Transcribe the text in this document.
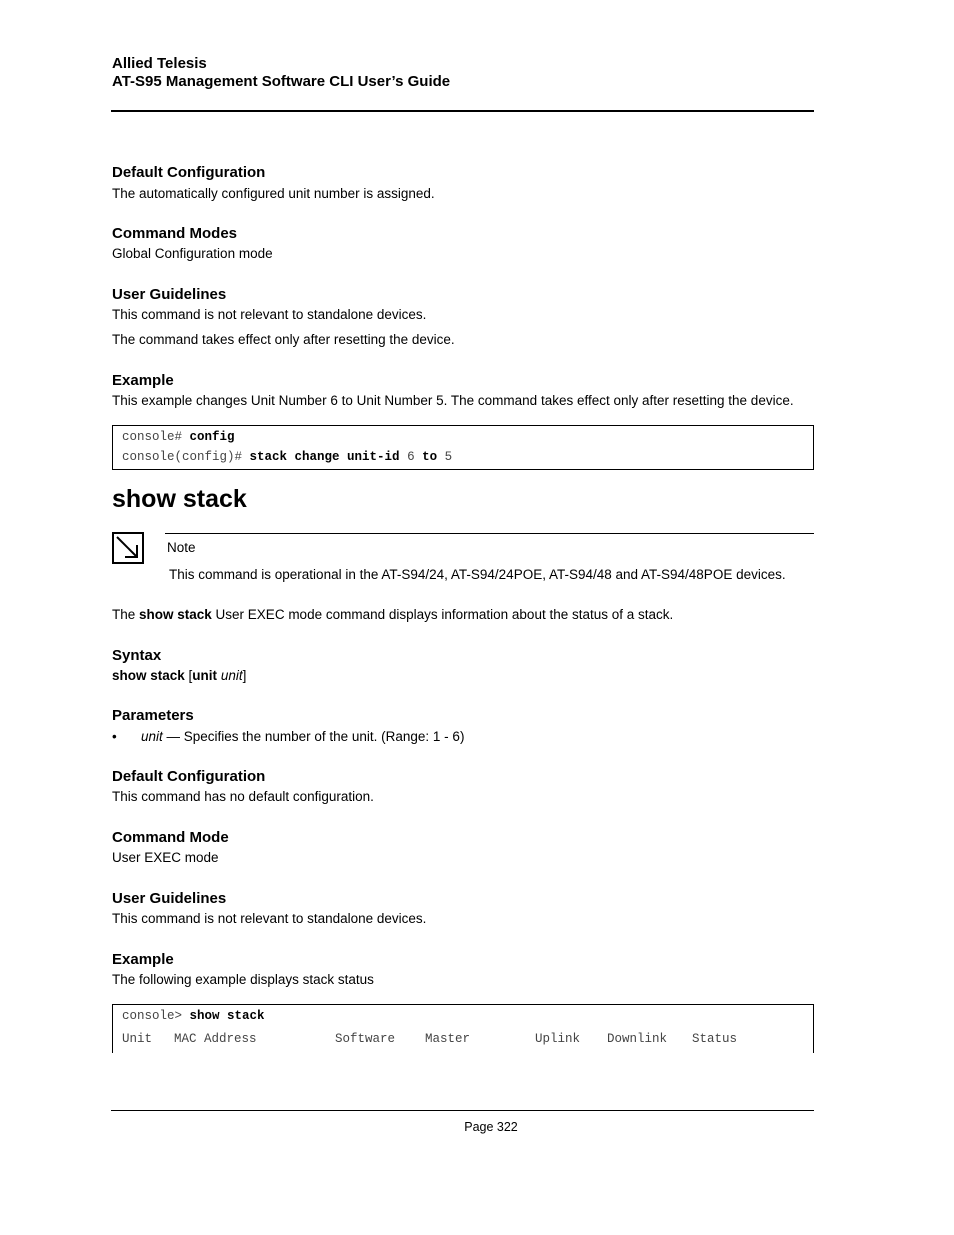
Allied Telesis
AT-S95 Management Software CLI User’s Guide
Default Configuration
The automatically configured unit number is assigned.
Command Modes
Global Configuration mode
User Guidelines
This command is not relevant to standalone devices.
The command takes effect only after resetting the device.
Example
This example changes Unit Number 6 to Unit Number 5. The command takes effect only after resetting the device.
console# config
console(config)# stack change unit-id 6 to 5
show stack
Note
This command is operational in the AT-S94/24, AT-S94/24POE, AT-S94/48 and AT-S94/48POE devices.
The show stack User EXEC mode command displays information about the status of a stack.
Syntax
show stack [unit unit]
Parameters
• unit — Specifies the number of the unit. (Range: 1 - 6)
Default Configuration
This command has no default configuration.
Command Mode
User EXEC mode
User Guidelines
This command is not relevant to standalone devices.
Example
The following example displays stack status
console> show stack

Unit

MAC Address

	Software

Master

	Uplink

Downlink

Status

Page 322
